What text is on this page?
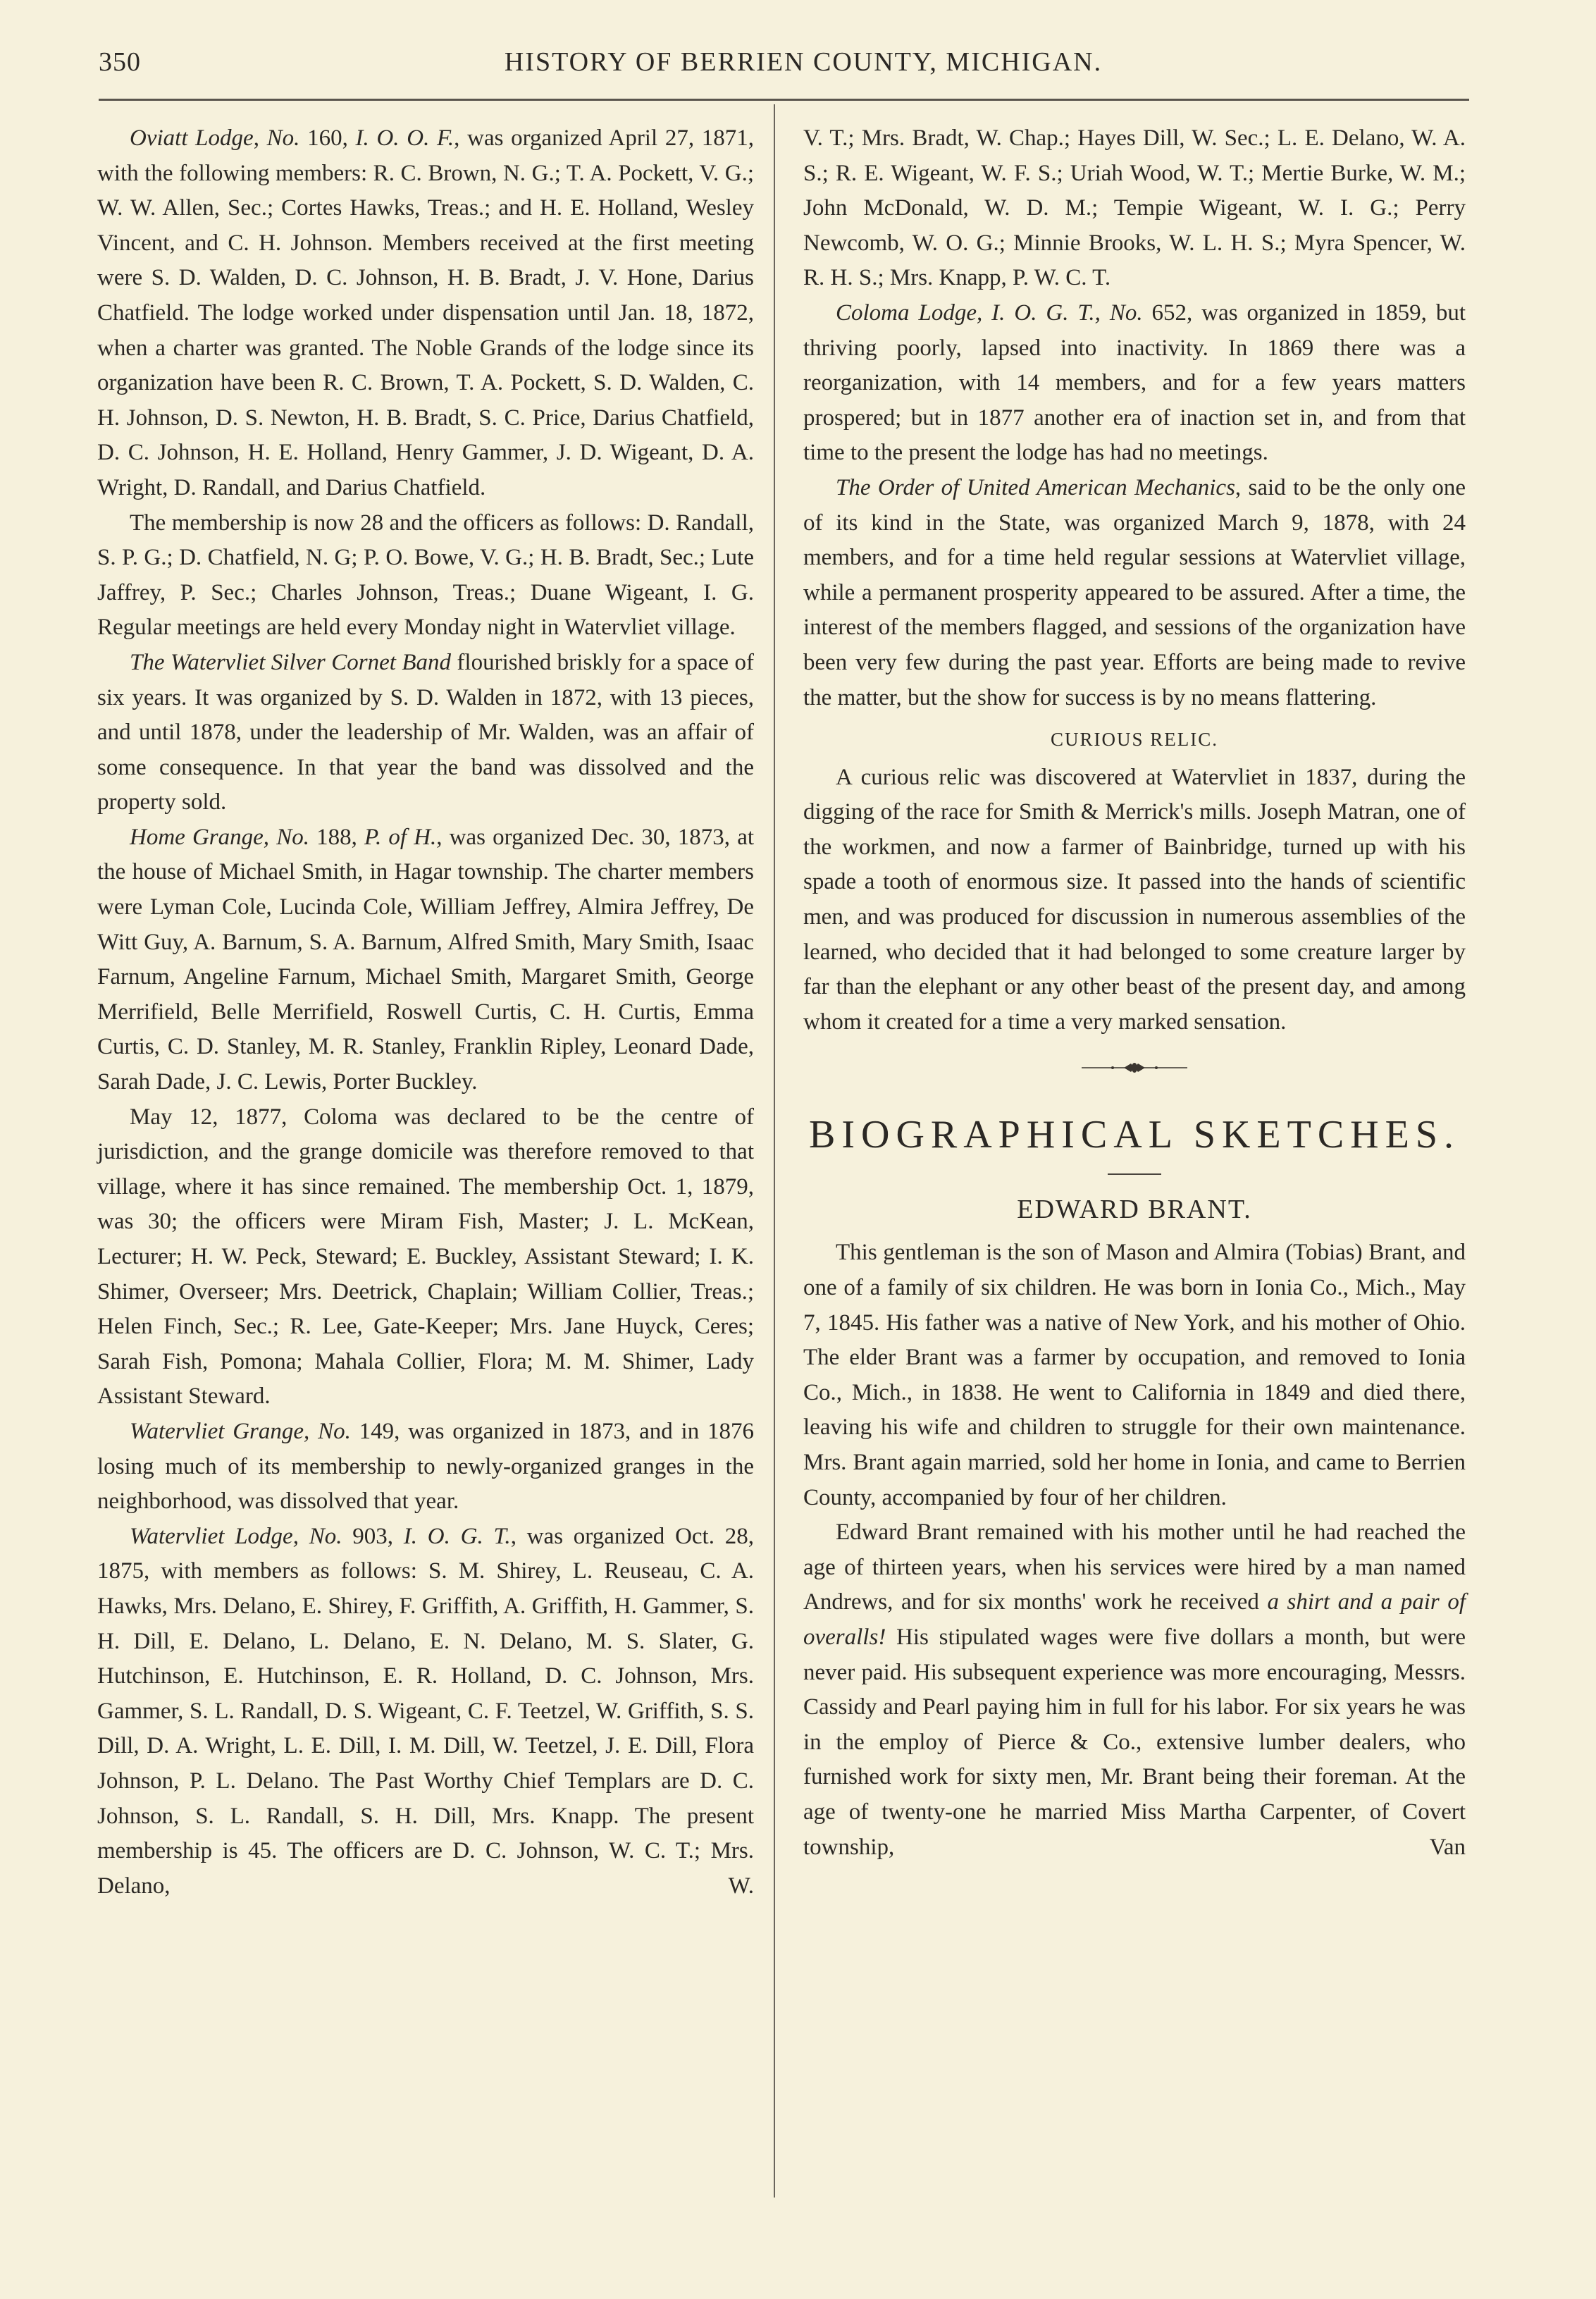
350	HISTORY OF BERRIEN COUNTY, MICHIGAN.

Oviatt Lodge, No. 160, I. O. O. F., was organized April 27, 1871, with the following members: R. C. Brown, N. G.; T. A. Pockett, V. G.; W. W. Allen, Sec.; Cortes Hawks, Treas.; and H. E. Holland, Wesley Vincent, and C. H. Johnson. Members received at the first meeting were S. D. Walden, D. C. Johnson, H. B. Bradt, J. V. Hone, Darius Chatfield. The lodge worked under dispensation until Jan. 18, 1872, when a charter was granted. The Noble Grands of the lodge since its organization have been R. C. Brown, T. A. Pockett, S. D. Walden, C. H. Johnson, D. S. Newton, H. B. Bradt, S. C. Price, Darius Chatfield, D. C. Johnson, H. E. Holland, Henry Gammer, J. D. Wigeant, D. A. Wright, D. Randall, and Darius Chatfield.

The membership is now 28 and the officers as follows: D. Randall, S. P. G.; D. Chatfield, N. G; P. O. Bowe, V. G.; H. B. Bradt, Sec.; Lute Jaffrey, P. Sec.; Charles Johnson, Treas.; Duane Wigeant, I. G. Regular meetings are held every Monday night in Watervliet village.

The Watervliet Silver Cornet Band flourished briskly for a space of six years. It was organized by S. D. Walden in 1872, with 13 pieces, and until 1878, under the leadership of Mr. Walden, was an affair of some consequence. In that year the band was dissolved and the property sold.

Home Grange, No. 188, P. of H., was organized Dec. 30, 1873, at the house of Michael Smith, in Hagar township. The charter members were Lyman Cole, Lucinda Cole, William Jeffrey, Almira Jeffrey, De Witt Guy, A. Barnum, S. A. Barnum, Alfred Smith, Mary Smith, Isaac Farnum, Angeline Farnum, Michael Smith, Margaret Smith, George Merrifield, Belle Merrifield, Roswell Curtis, C. H. Curtis, Emma Curtis, C. D. Stanley, M. R. Stanley, Franklin Ripley, Leonard Dade, Sarah Dade, J. C. Lewis, Porter Buckley.

May 12, 1877, Coloma was declared to be the centre of jurisdiction, and the grange domicile was therefore removed to that village, where it has since remained. The membership Oct. 1, 1879, was 30; the officers were Miram Fish, Master; J. L. McKean, Lecturer; H. W. Peck, Steward; E. Buckley, Assistant Steward; I. K. Shimer, Overseer; Mrs. Deetrick, Chaplain; William Collier, Treas.; Helen Finch, Sec.; R. Lee, Gate-Keeper; Mrs. Jane Huyck, Ceres; Sarah Fish, Pomona; Mahala Collier, Flora; M. M. Shimer, Lady Assistant Steward.

Watervliet Grange, No. 149, was organized in 1873, and in 1876 losing much of its membership to newly-organized granges in the neighborhood, was dissolved that year.

Watervliet Lodge, No. 903, I. O. G. T., was organized Oct. 28, 1875, with members as follows: S. M. Shirey, L. Reuseau, C. A. Hawks, Mrs. Delano, E. Shirey, F. Griffith, A. Griffith, H. Gammer, S. H. Dill, E. Delano, L. Delano, E. N. Delano, M. S. Slater, G. Hutchinson, E. Hutchinson, E. R. Holland, D. C. Johnson, Mrs. Gammer, S. L. Randall, D. S. Wigeant, C. F. Teetzel, W. Griffith, S. S. Dill, D. A. Wright, L. E. Dill, I. M. Dill, W. Teetzel, J. E. Dill, Flora Johnson, P. L. Delano. The Past Worthy Chief Templars are D. C. Johnson, S. L. Randall, S. H. Dill, Mrs. Knapp. The present membership is 45. The officers are D. C. Johnson, W. C. T.; Mrs. Delano, W.

V. T.; Mrs. Bradt, W. Chap.; Hayes Dill, W. Sec.; L. E. Delano, W. A. S.; R. E. Wigeant, W. F. S.; Uriah Wood, W. T.; Mertie Burke, W. M.; John McDonald, W. D. M.; Tempie Wigeant, W. I. G.; Perry Newcomb, W. O. G.; Minnie Brooks, W. L. H. S.; Myra Spencer, W. R. H. S.; Mrs. Knapp, P. W. C. T.

Coloma Lodge, I. O. G. T., No. 652, was organized in 1859, but thriving poorly, lapsed into inactivity. In 1869 there was a reorganization, with 14 members, and for a few years matters prospered; but in 1877 another era of inaction set in, and from that time to the present the lodge has had no meetings.

The Order of United American Mechanics, said to be the only one of its kind in the State, was organized March 9, 1878, with 24 members, and for a time held regular sessions at Watervliet village, while a permanent prosperity appeared to be assured. After a time, the interest of the members flagged, and sessions of the organization have been very few during the past year. Efforts are being made to revive the matter, but the show for success is by no means flattering.

CURIOUS RELIC.

A curious relic was discovered at Watervliet in 1837, during the digging of the race for Smith & Merrick's mills. Joseph Matran, one of the workmen, and now a farmer of Bainbridge, turned up with his spade a tooth of enormous size. It passed into the hands of scientific men, and was produced for discussion in numerous assemblies of the learned, who decided that it had belonged to some creature larger by far than the elephant or any other beast of the present day, and among whom it created for a time a very marked sensation.

BIOGRAPHICAL SKETCHES.
EDWARD BRANT.

This gentleman is the son of Mason and Almira (Tobias) Brant, and one of a family of six children. He was born in Ionia Co., Mich., May 7, 1845. His father was a native of New York, and his mother of Ohio. The elder Brant was a farmer by occupation, and removed to Ionia Co., Mich., in 1838. He went to California in 1849 and died there, leaving his wife and children to struggle for their own maintenance. Mrs. Brant again married, sold her home in Ionia, and came to Berrien County, accompanied by four of her children.

Edward Brant remained with his mother until he had reached the age of thirteen years, when his services were hired by a man named Andrews, and for six months' work he received a shirt and a pair of overalls! His stipulated wages were five dollars a month, but were never paid. His subsequent experience was more encouraging, Messrs. Cassidy and Pearl paying him in full for his labor. For six years he was in the employ of Pierce & Co., extensive lumber dealers, who furnished work for sixty men, Mr. Brant being their foreman. At the age of twenty-one he married Miss Martha Carpenter, of Covert township, Van
